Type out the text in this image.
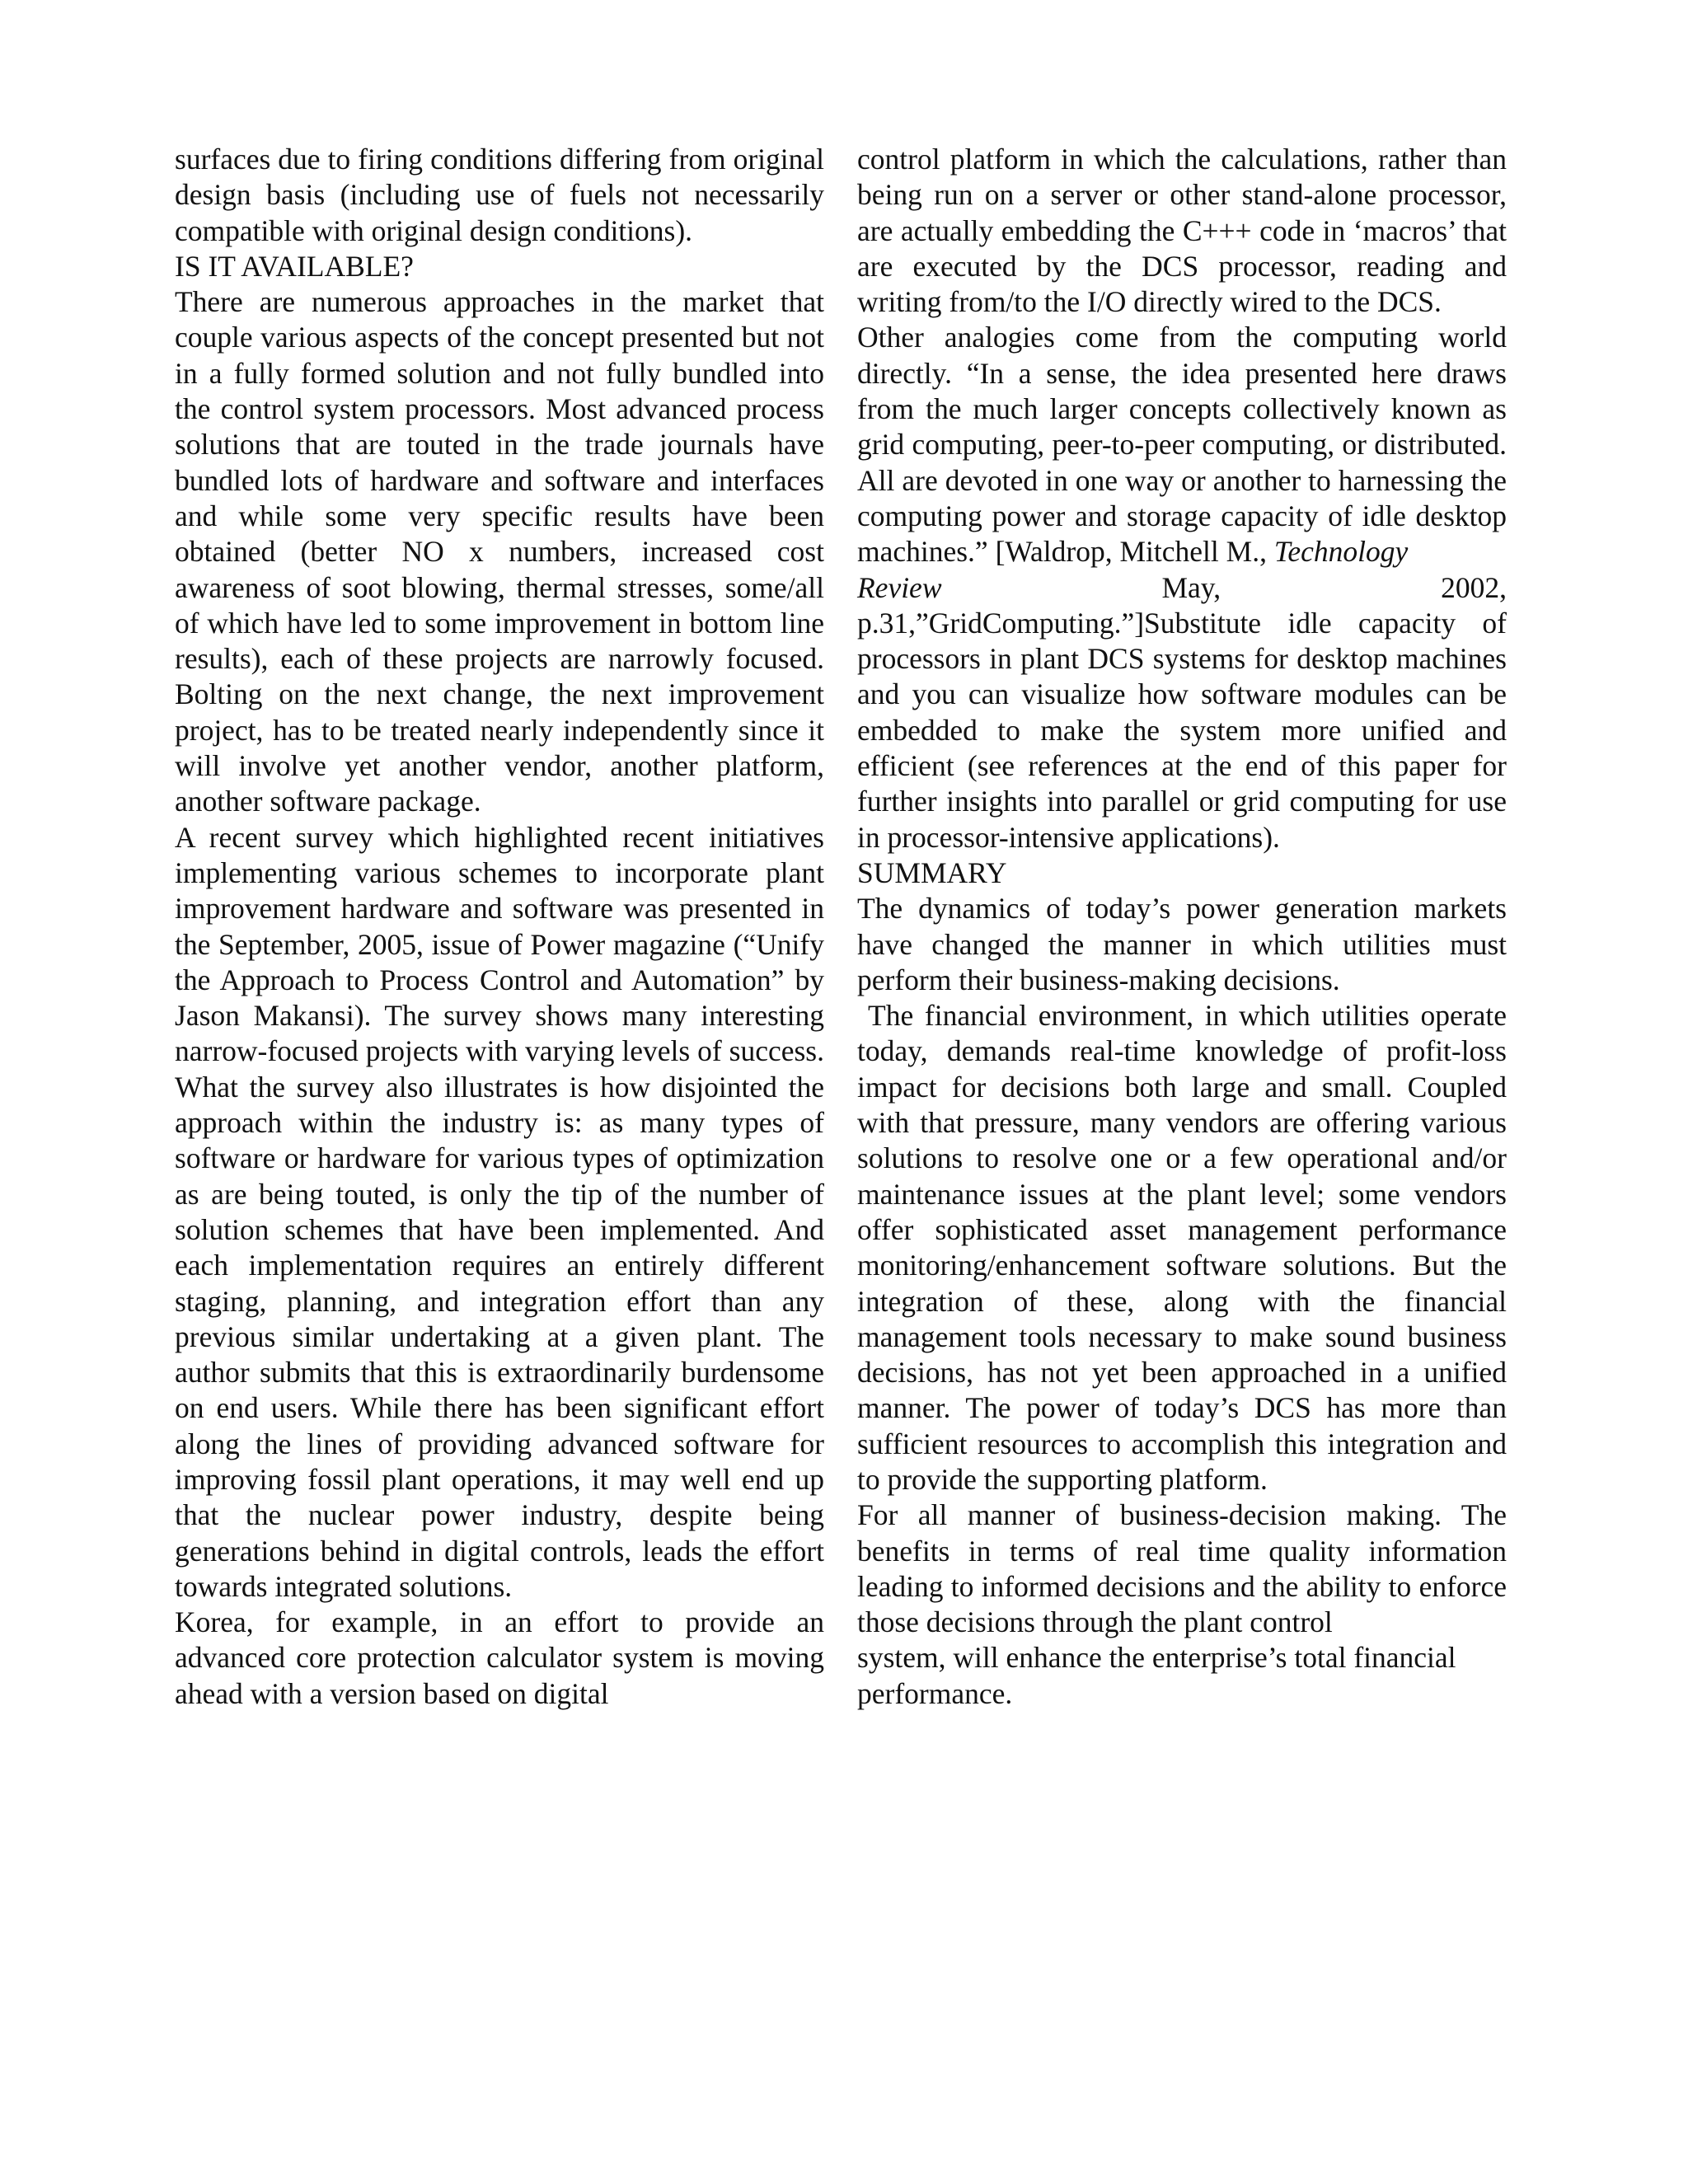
surfaces due to firing conditions differing from original design basis (including use of fuels not necessarily compatible with original design conditions).

IS IT AVAILABLE?

There are numerous approaches in the market that couple various aspects of the concept presented but not in a fully formed solution and not fully bundled into the control system processors. Most advanced process solutions that are touted in the trade journals have bundled lots of hardware and software and interfaces and while some very specific results have been obtained (better NO x numbers, increased cost awareness of soot blowing, thermal stresses, some/all of which have led to some improvement in bottom line results), each of these projects are narrowly focused. Bolting on the next change, the next improvement project, has to be treated nearly independently since it will involve yet another vendor, another platform, another software package.

A recent survey which highlighted recent initiatives implementing various schemes to incorporate plant improvement hardware and software was presented in the September, 2005, issue of Power magazine (“Unify the Approach to Process Control and Automation” by Jason Makansi). The survey shows many interesting narrow-focused projects with varying levels of success. What the survey also illustrates is how disjointed the approach within the industry is: as many types of software or hardware for various types of optimization as are being touted, is only the tip of the number of solution schemes that have been implemented. And each implementation requires an entirely different staging, planning, and integration effort than any previous similar undertaking at a given plant. The author submits that this is extraordinarily burdensome on end users. While there has been significant effort along the lines of providing advanced software for improving fossil plant operations, it may well end up that the nuclear power industry, despite being generations behind in digital controls, leads the effort towards integrated solutions.

Korea, for example, in an effort to provide an advanced core protection calculator system is moving ahead with a version based on digital

control platform in which the calculations, rather than being run on a server or other stand-alone processor, are actually embedding the C+++ code in ‘macros’ that are executed by the DCS processor, reading and writing from/to the I/O directly wired to the DCS.

Other analogies come from the computing world directly. “In a sense, the idea presented here draws from the much larger concepts collectively known as grid computing, peer-to-peer computing, or distributed. All are devoted in one way or another to harnessing the computing power and storage capacity of idle desktop machines.” [Waldrop, Mitchell M., Technology

Review	May,	2002,

p.31,”GridComputing.”]Substitute idle capacity of processors in plant DCS systems for desktop machines and you can visualize how software modules can be embedded to make the system more unified and efficient (see references at the end of this paper for further insights into parallel or grid computing for use in processor-intensive applications).

SUMMARY

The dynamics of today’s power generation markets have changed the manner in which utilities must perform their business-making decisions.

The financial environment, in which utilities operate today, demands real-time knowledge of profit-loss impact for decisions both large and small. Coupled with that pressure, many vendors are offering various solutions to resolve one or a few operational and/or maintenance issues at the plant level; some vendors offer sophisticated asset management performance monitoring/enhancement software solutions. But the integration of these, along with the financial management tools necessary to make sound business decisions, has not yet been approached in a unified manner. The power of today’s DCS has more than sufficient resources to accomplish this integration and to provide the supporting platform.

For all manner of business-decision making. The benefits in terms of real time quality information leading to informed decisions and the ability to enforce those decisions through the plant control

system, will enhance the enterprise’s total financial

performance.
